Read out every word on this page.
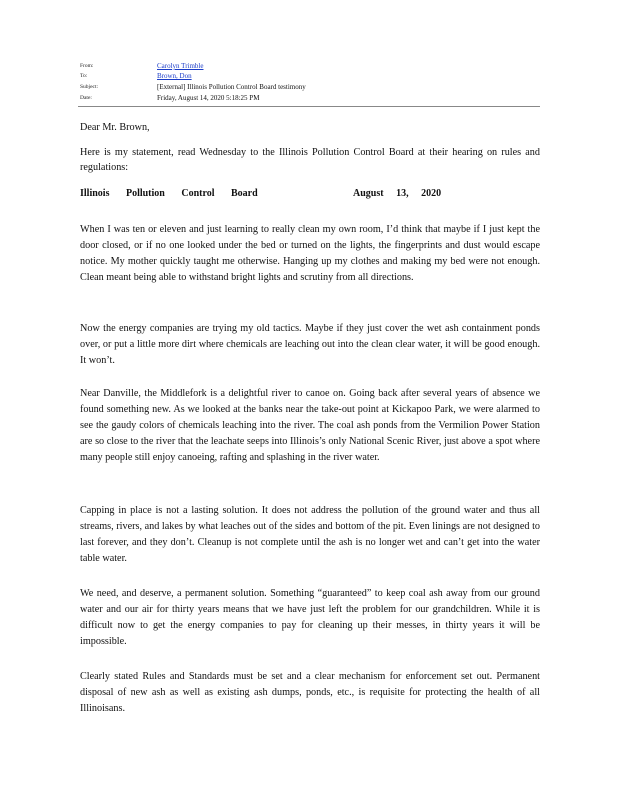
From:	Carolyn Trimble
To:	Brown, Don
Subject:	[External] Illinois Pollution Control Board testimony
Date:	Friday, August 14, 2020 5:18:25 PM
Dear Mr. Brown,
Here is my statement, read Wednesday to the Illinois Pollution Control Board at their hearing on rules and regulations:
Illinois Pollution Control Board	August 13, 2020
When I was ten or eleven and just learning to really clean my own room, I’d think that maybe if I just kept the door closed, or if no one looked under the bed or turned on the lights, the fingerprints and dust would escape notice. My mother quickly taught me otherwise. Hanging up my clothes and making my bed were not enough. Clean meant being able to withstand bright lights and scrutiny from all directions.
Now the energy companies are trying my old tactics. Maybe if they just cover the wet ash containment ponds over, or put a little more dirt where chemicals are leaching out into the clean clear water, it will be good enough. It won’t.
Near Danville, the Middlefork is a delightful river to canoe on. Going back after several years of absence we found something new. As we looked at the banks near the take-out point at Kickapoo Park, we were alarmed to see the gaudy colors of chemicals leaching into the river. The coal ash ponds from the Vermilion Power Station are so close to the river that the leachate seeps into Illinois’s only National Scenic River, just above a spot where many people still enjoy canoeing, rafting and splashing in the river water.
Capping in place is not a lasting solution. It does not address the pollution of the ground water and thus all streams, rivers, and lakes by what leaches out of the sides and bottom of the pit. Even linings are not designed to last forever, and they don’t. Cleanup is not complete until the ash is no longer wet and can’t get into the water table water.
We need, and deserve, a permanent solution. Something “guaranteed” to keep coal ash away from our ground water and our air for thirty years means that we have just left the problem for our grandchildren. While it is difficult now to get the energy companies to pay for cleaning up their messes, in thirty years it will be impossible.
Clearly stated Rules and Standards must be set and a clear mechanism for enforcement set out. Permanent disposal of new ash as well as existing ash dumps, ponds, etc., is requisite for protecting the health of all Illinoisans.
